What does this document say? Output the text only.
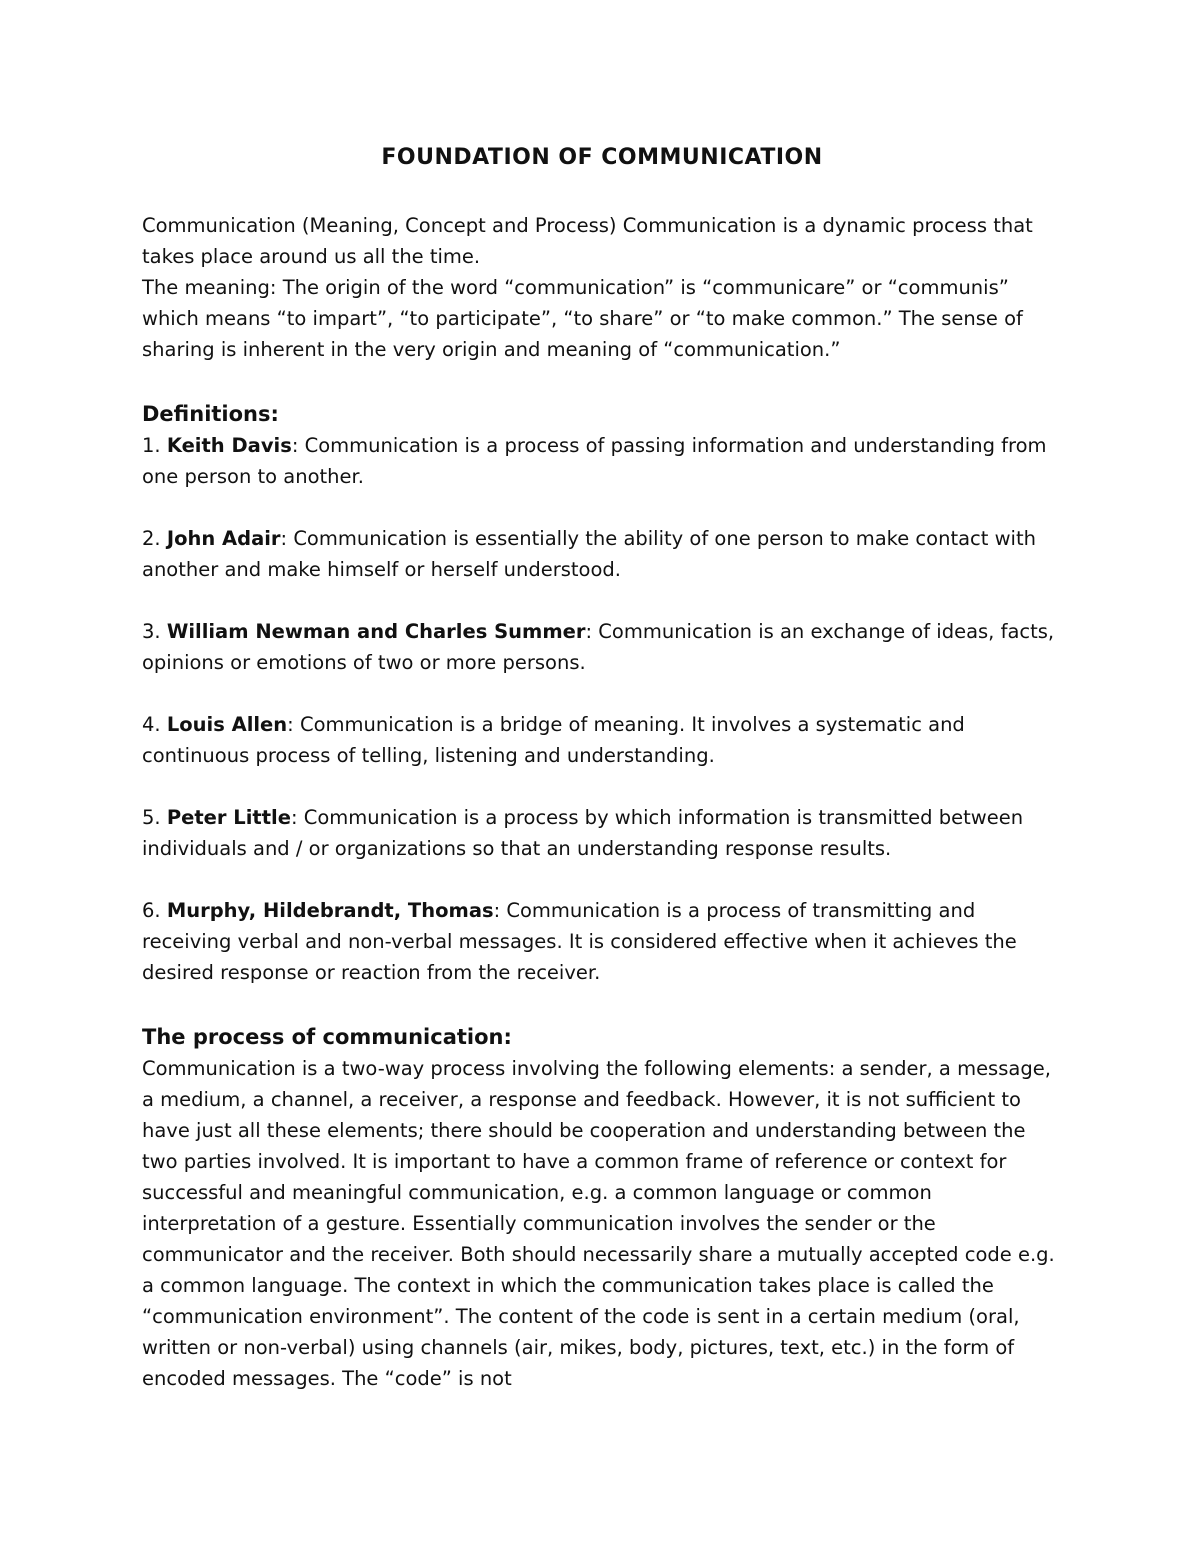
FOUNDATION OF COMMUNICATION

Communication (Meaning, Concept and Process) Communication is a dynamic process that takes place around us all the time.

The meaning: The origin of the word “communication” is “communicare” or “communis” which means “to impart”, “to participate”, “to share” or “to make common.” The sense of sharing is inherent in the very origin and meaning of “communication.”

Definitions:

1. Keith Davis: Communication is a process of passing information and understanding from one person to another.

2. John Adair: Communication is essentially the ability of one person to make contact with another and make himself or herself understood.

3. William Newman and Charles Summer: Communication is an exchange of ideas, facts, opinions or emotions of two or more persons.

4. Louis Allen: Communication is a bridge of meaning. It involves a systematic and continuous process of telling, listening and understanding.

5. Peter Little: Communication is a process by which information is transmitted between individuals and / or organizations so that an understanding response results.

6. Murphy, Hildebrandt, Thomas: Communication is a process of transmitting and receiving verbal and non-verbal messages. It is considered effective when it achieves the desired response or reaction from the receiver.

The process of communication:

Communication is a two-way process involving the following elements: a sender, a message, a medium, a channel, a receiver, a response and feedback. However, it is not sufficient to have just all these elements; there should be cooperation and understanding between the two parties involved. It is important to have a common frame of reference or context for successful and meaningful communication, e.g. a common language or common interpretation of a gesture. Essentially communication involves the sender or the communicator and the receiver. Both should necessarily share a mutually accepted code e.g. a common language. The context in which the communication takes place is called the “communication environment”. The content of the code is sent in a certain medium (oral, written or non-verbal) using channels (air, mikes, body, pictures, text, etc.) in the form of encoded messages. The “code” is not
